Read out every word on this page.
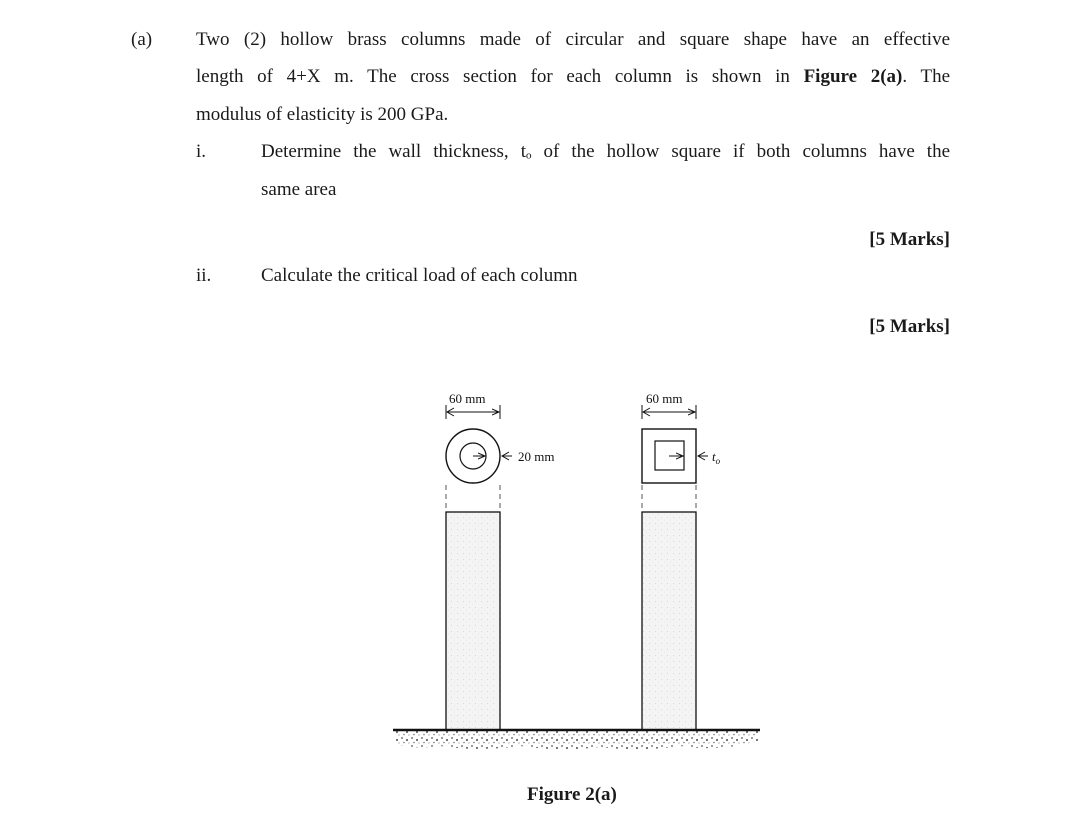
(a) Two (2) hollow brass columns made of circular and square shape have an effective
length of 4+X m. The cross section for each column is shown in Figure 2(a). The
modulus of elasticity is 200 GPa.
i.	Determine the wall thickness, tₒ of the hollow square if both columns have the
same area
[5 Marks]
ii.	Calculate the critical load of each column
[5 Marks]
60 mm
20 mm
60 mm
$t_o$
Figure 2(a)
